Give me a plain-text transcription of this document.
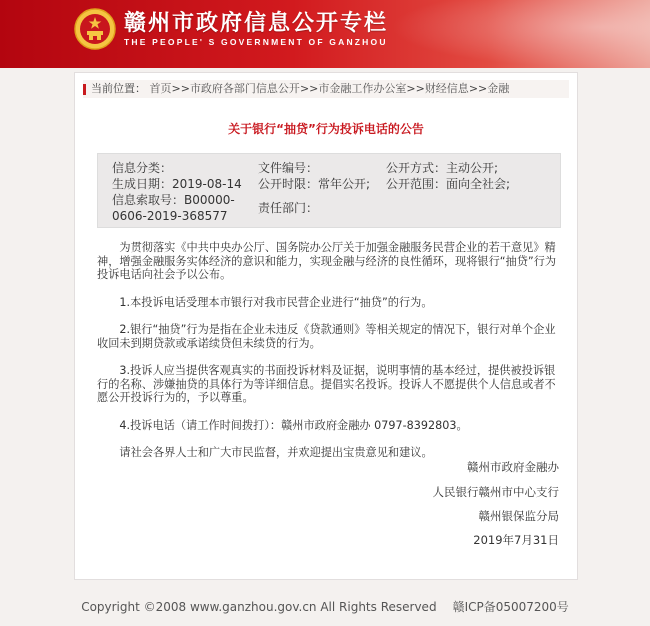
赣州市政府信息公开专栏
THE PEOPLE' S GOVERNMENT OF GANZHOU
当前位置： 首页>>市政府各部门信息公开>>市金融工作办公室>>财经信息>>金融
关于银行“抽贷”行为投诉电话的公告
信息分类：
生成日期：2019-08-14
信息索取号：B00000-
0606-2019-368577
文件编号：
公开时限：常年公开;
责任部门：
公开方式：主动公开;
公开范围：面向全社会;

为贯彻落实《中共中央办公厅、国务院办公厅关于加强金融服务民营企业的若干意见》精神，增强金融服务实体经济的意识和能力，实现金融与经济的良性循环，现将银行“抽贷”行为投诉电话向社会予以公布。

1.本投诉电话受理本市银行对我市民营企业进行“抽贷”的行为。

2.银行“抽贷”行为是指在企业未违反《贷款通则》等相关规定的情况下，银行对单个企业收回未到期贷款或承诺续贷但未续贷的行为。

3.投诉人应当提供客观真实的书面投诉材料及证据，说明事情的基本经过，提供被投诉银行的名称、涉嫌抽贷的具体行为等详细信息。提倡实名投诉。投诉人不愿提供个人信息或者不愿公开投诉行为的，予以尊重。

4.投诉电话（请工作时间拨打）：赣州市政府金融办 0797-8392803。

请社会各界人士和广大市民监督，并欢迎提出宝贵意见和建议。

赣州市政府金融办
人民银行赣州市中心支行
赣州银保监分局
2019年7月31日
Copyright ©2008 www.ganzhou.gov.cn All Rights Reserved 赣ICP备05007200号
